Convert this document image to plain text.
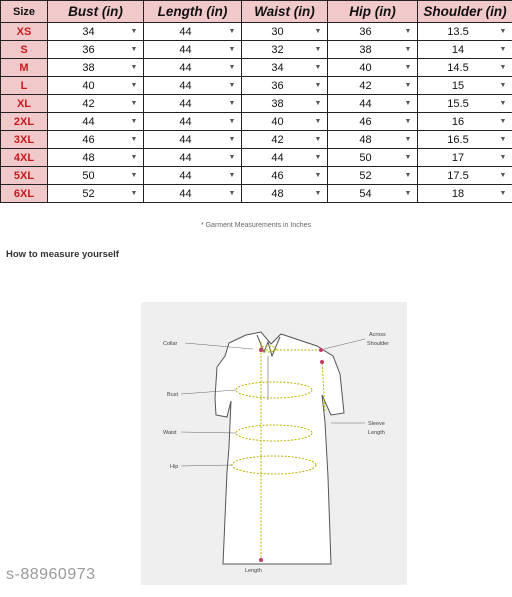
Size	Bust (in)	Length (in)	Waist (in)	Hip (in)	Shoulder (in)
XS	34 ▼	44 ▼	30 ▼	36 ▼	13.5 ▼

S	36 ▼	44 ▼	32 ▼	38 ▼	14 ▼

M	38 ▼	44 ▼	34 ▼	40 ▼	14.5 ▼

L	40 ▼	44 ▼	36 ▼	42 ▼	15 ▼

XL	42 ▼	44 ▼	38 ▼	44 ▼	15.5 ▼

2XL	44 ▼	44 ▼	40 ▼	46 ▼	16 ▼

3XL	46 ▼	44 ▼	42 ▼	48 ▼	16.5 ▼

4XL	48 ▼	44 ▼	44 ▼	50 ▼	17 ▼

5XL	50 ▼	44 ▼	46 ▼	52 ▼	17.5 ▼

6XL	52 ▼	44 ▼	48 ▼	54 ▼	18 ▼
* Garment Measurements in Inches
How to measure yourself
Collar
Across
Shoulder
Bust
Waist
Hip
Sleeve
Length
Length
s-88960973
